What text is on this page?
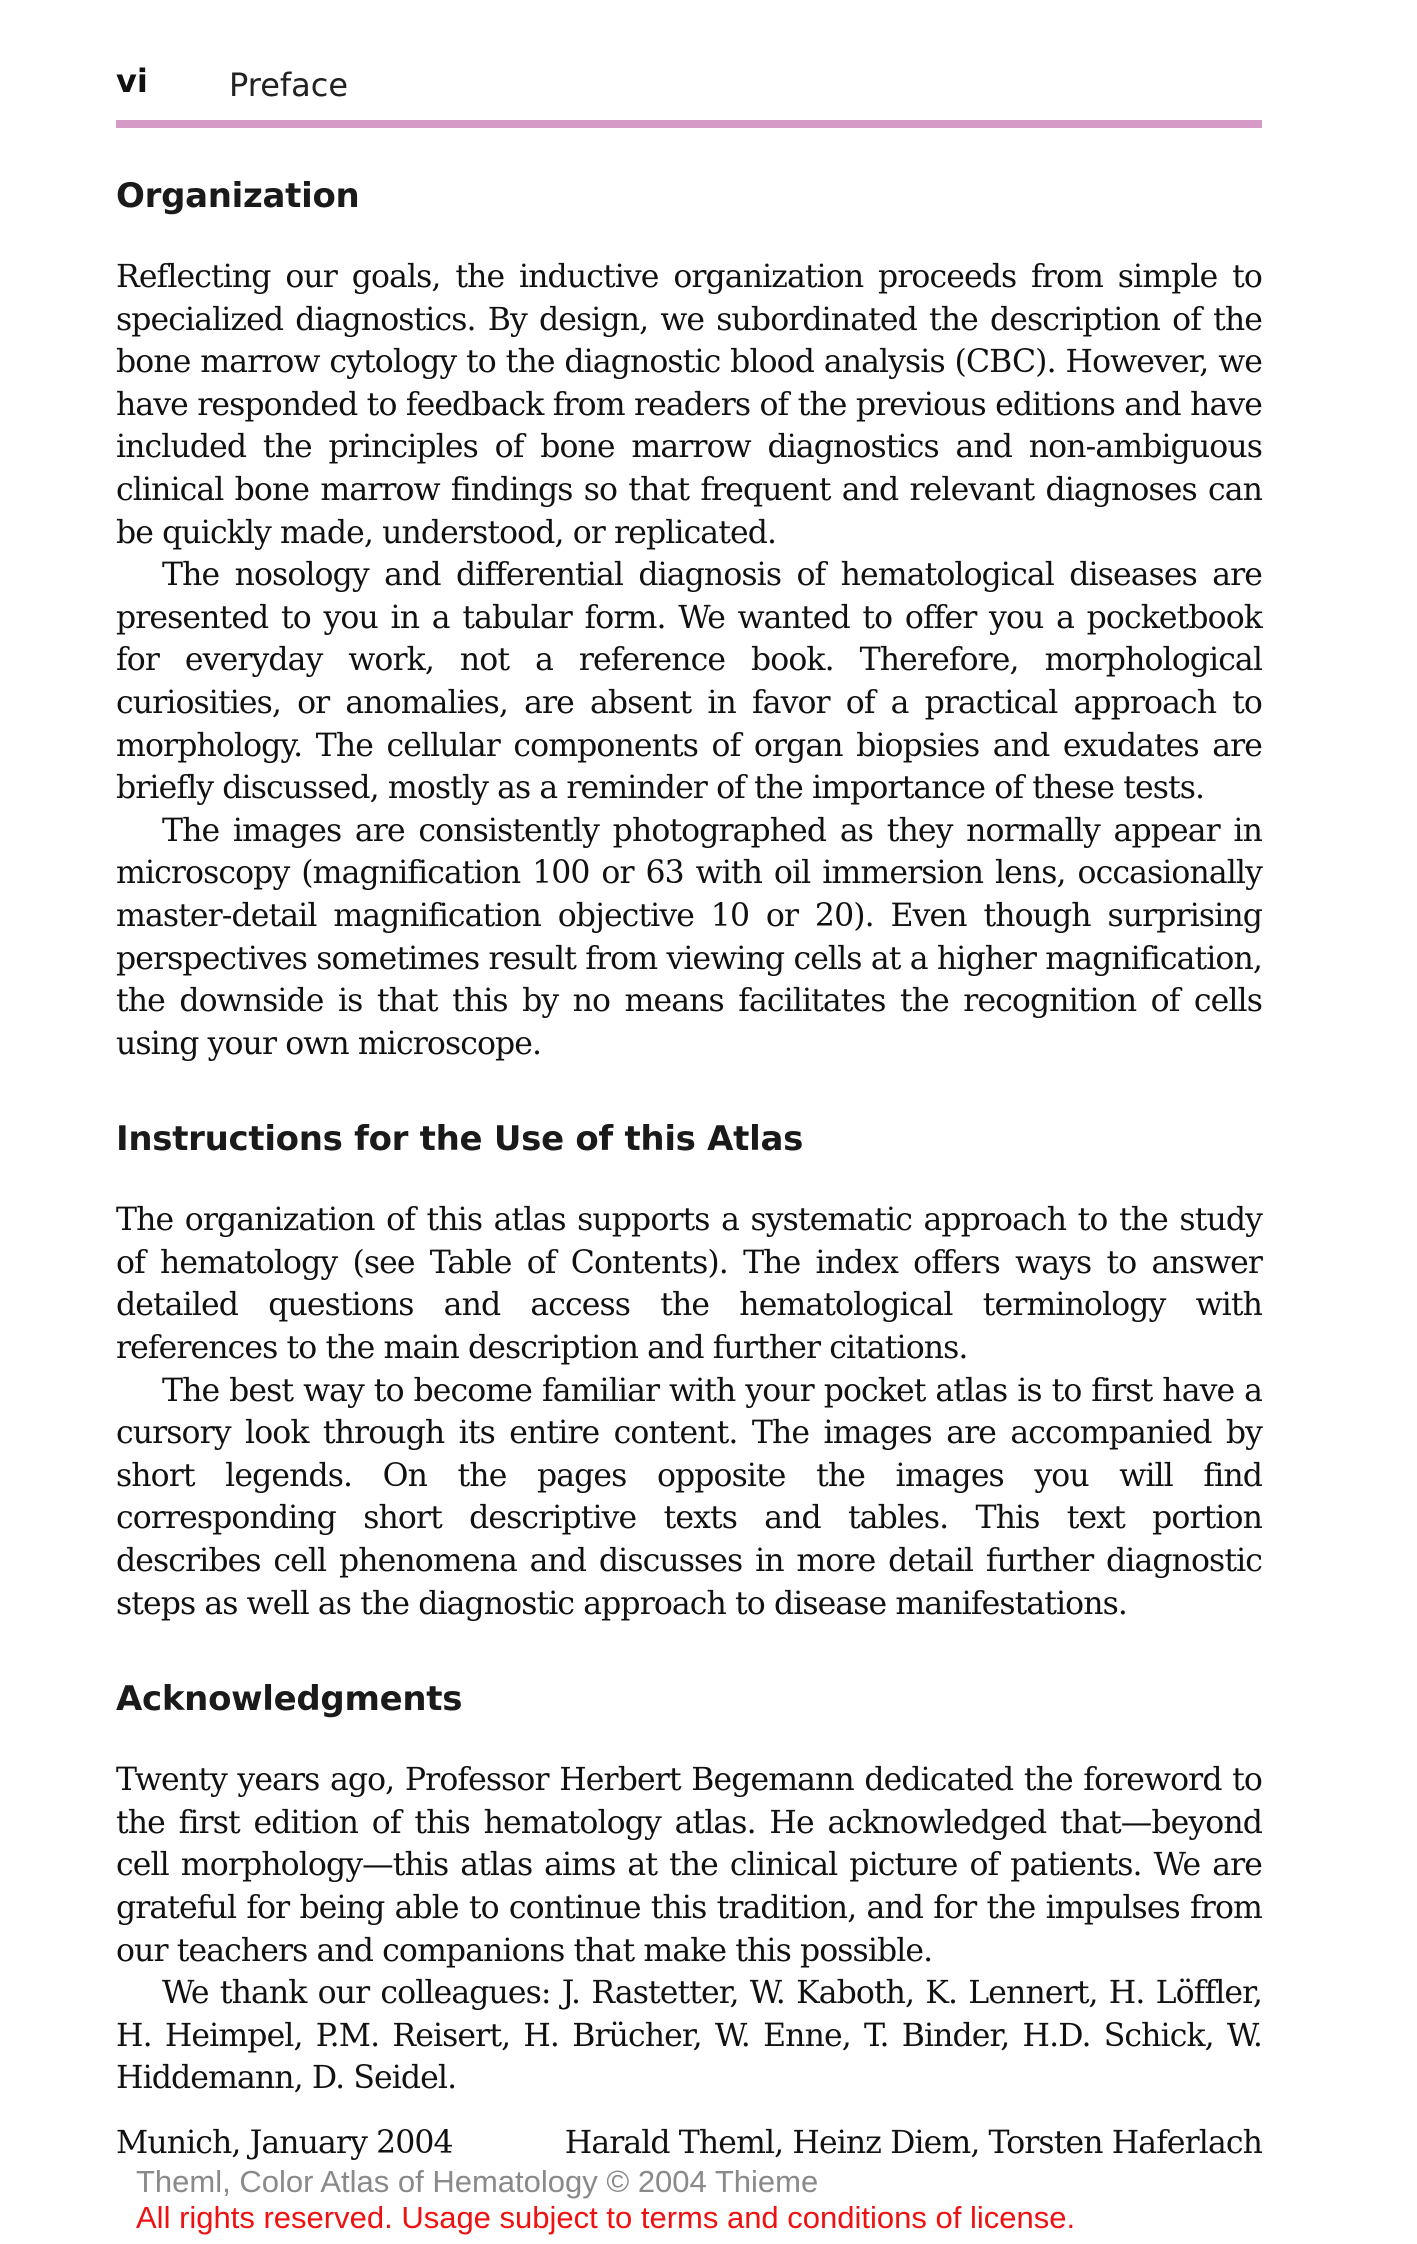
vi	Preface
Organization

Reflecting our goals, the inductive organization proceeds from simple to specialized diagnostics. By design, we subordinated the description of the bone marrow cytology to the diagnostic blood analysis (CBC). However, we have responded to feedback from readers of the previous editions and have included the principles of bone marrow diagnostics and non-ambiguous clinical bone marrow findings so that frequent and relevant diagnoses can be quickly made, understood, or replicated.

The nosology and differential diagnosis of hematological diseases are presented to you in a tabular form. We wanted to offer you a pocketbook for everyday work, not a reference book. Therefore, morphological curiosities, or anomalies, are absent in favor of a practical approach to morphology. The cellular components of organ biopsies and exudates are briefly discussed, mostly as a reminder of the importance of these tests.

The images are consistently photographed as they normally appear in microscopy (magnification 100 or 63 with oil immersion lens, occasionally master-detail magnification objective 10 or 20). Even though surprising perspectives sometimes result from viewing cells at a higher magnification, the downside is that this by no means facilitates the recognition of cells using your own microscope.

Instructions for the Use of this Atlas

The organization of this atlas supports a systematic approach to the study of hematology (see Table of Contents). The index offers ways to answer detailed questions and access the hematological terminology with references to the main description and further citations.

The best way to become familiar with your pocket atlas is to first have a cursory look through its entire content. The images are accompanied by short legends. On the pages opposite the images you will find corresponding short descriptive texts and tables. This text portion describes cell phenomena and discusses in more detail further diagnostic steps as well as the diagnostic approach to disease manifestations.

Acknowledgments

Twenty years ago, Professor Herbert Begemann dedicated the foreword to the first edition of this hematology atlas. He acknowledged that—beyond cell morphology—this atlas aims at the clinical picture of patients. We are grateful for being able to continue this tradition, and for the impulses from our teachers and companions that make this possible.

We thank our colleagues: J. Rastetter, W. Kaboth, K. Lennert, H. Löffler, H. Heimpel, P.M. Reisert, H. Brücher, W. Enne, T. Binder, H.D. Schick, W. Hiddemann, D. Seidel.

Munich, January 2004	Harald Theml, Heinz Diem, Torsten Haferlach
Theml, Color Atlas of Hematology © 2004 Thieme
All rights reserved. Usage subject to terms and conditions of license.
